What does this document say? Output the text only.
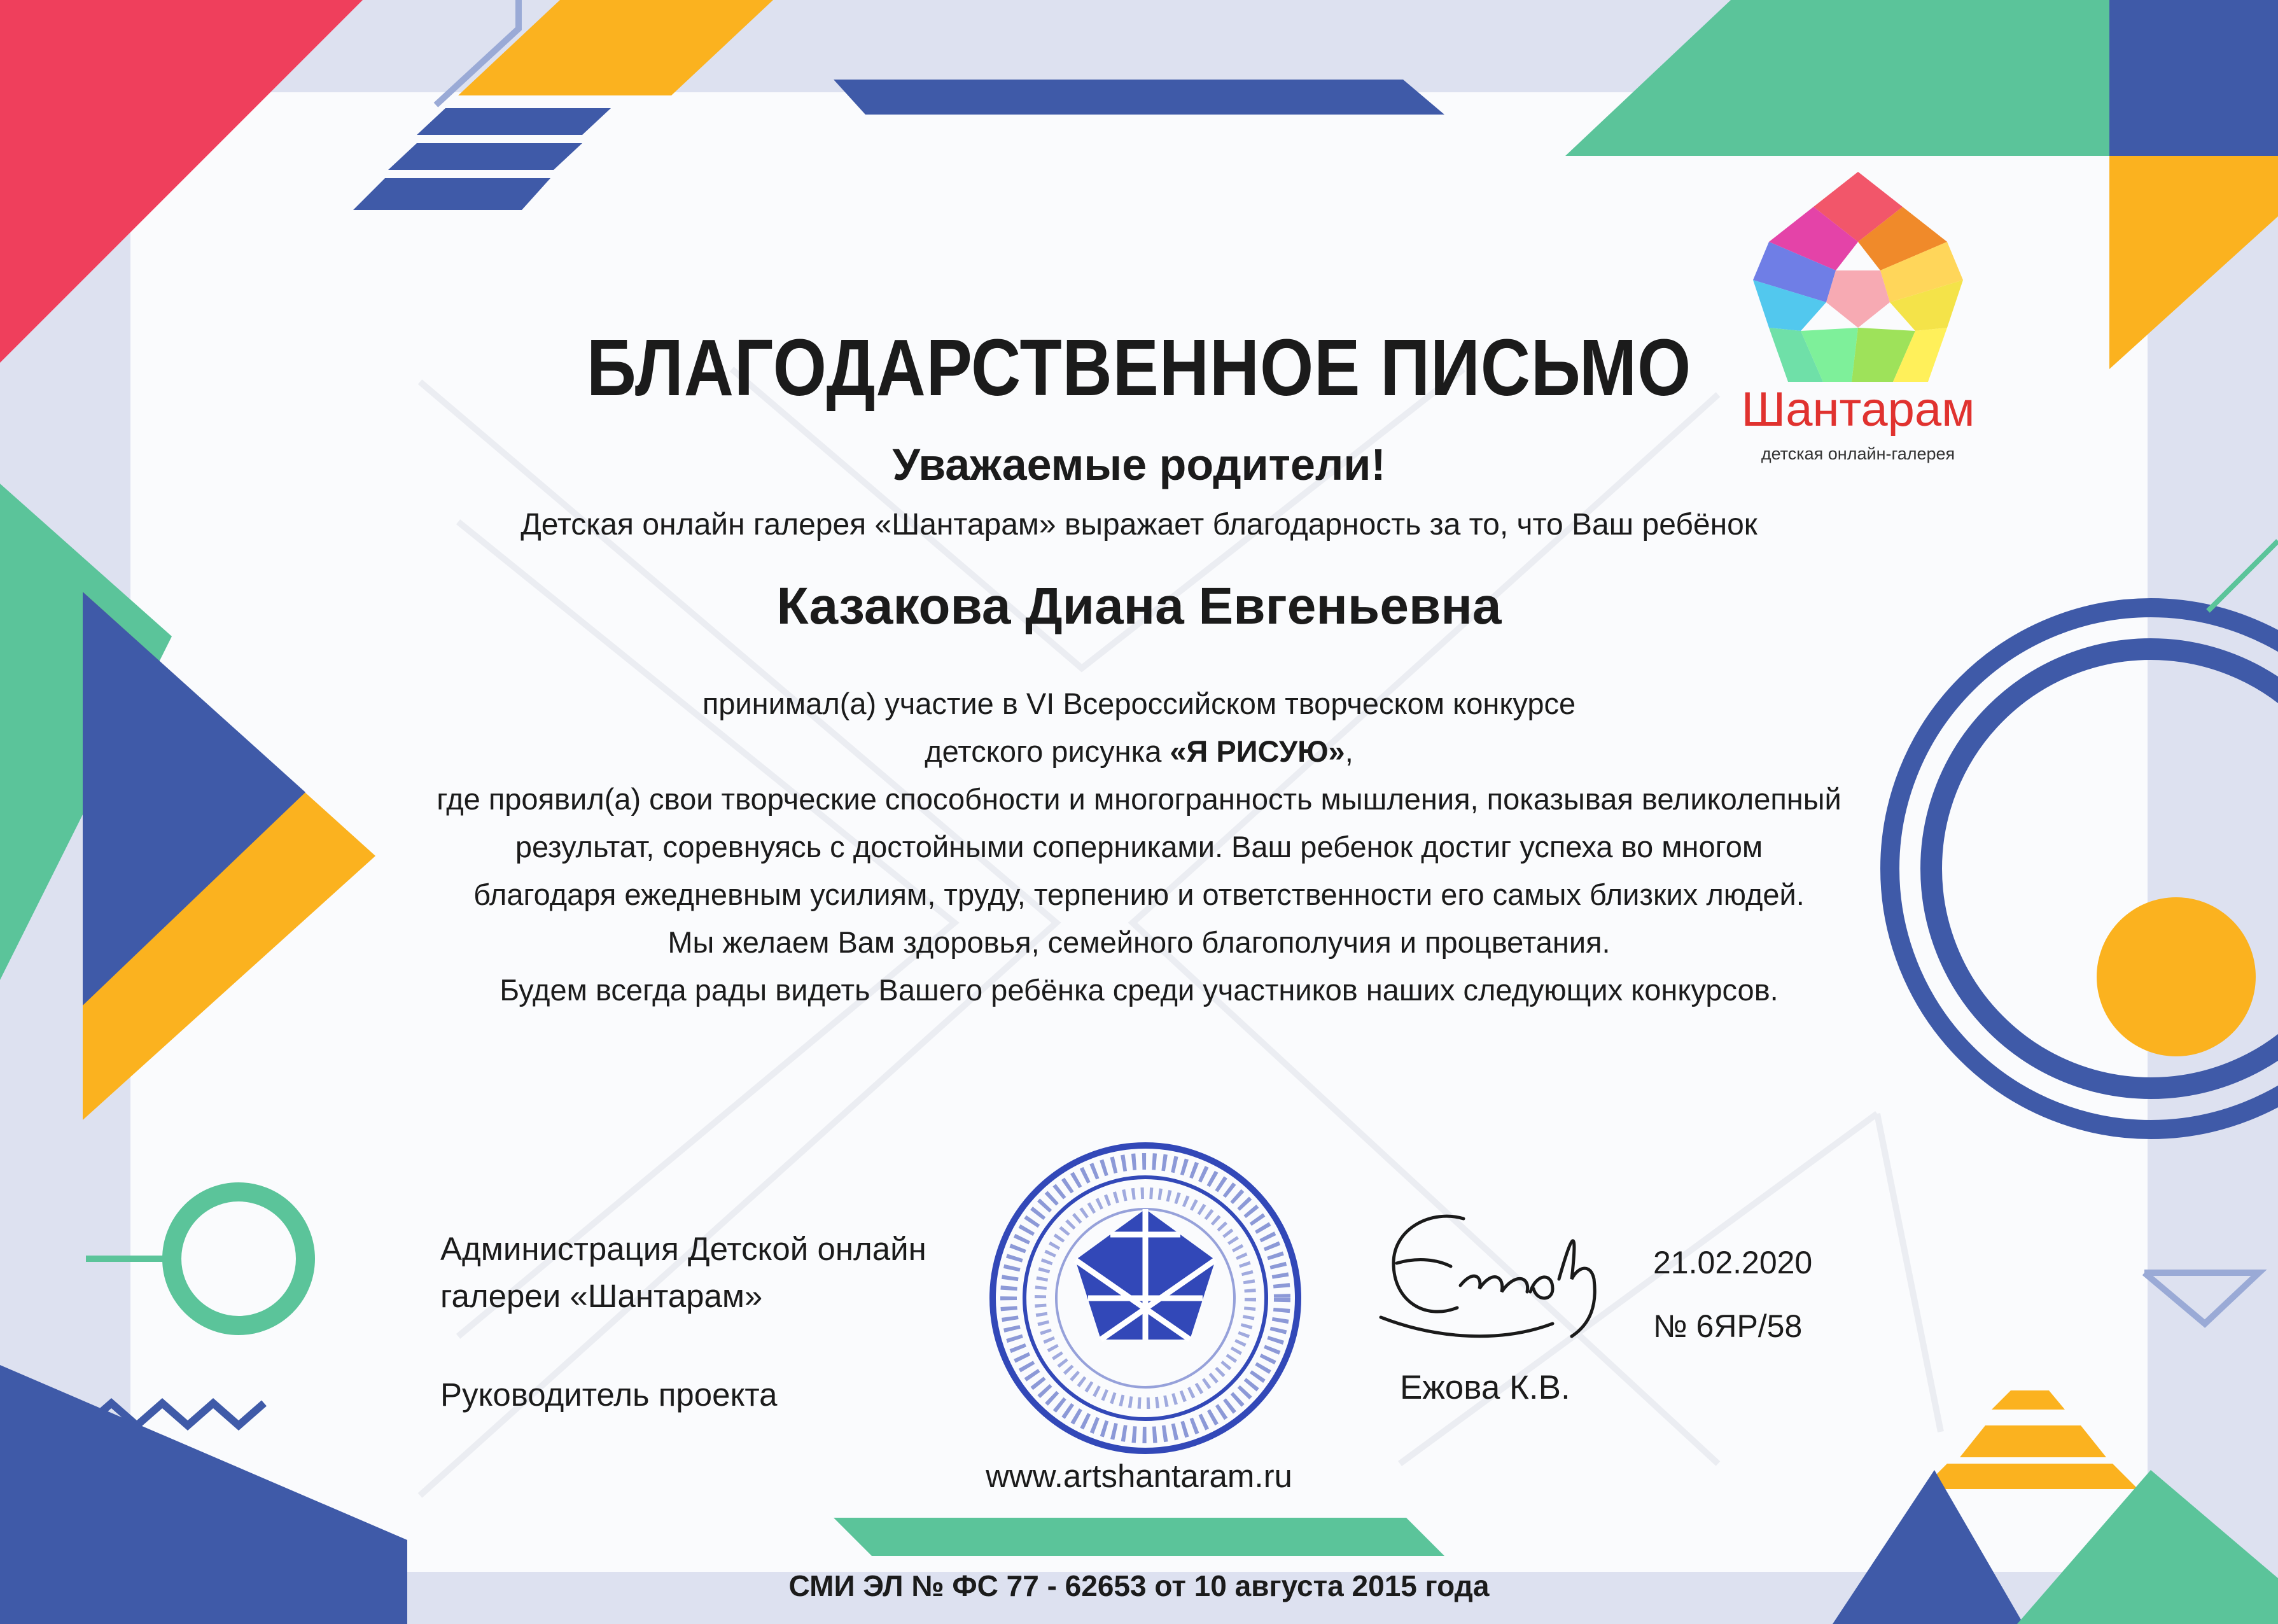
Шантарам
детская онлайн-галерея
БЛАГОДАРСТВЕННОЕ ПИСЬМО
Уважаемые родители!
Детская онлайн галерея «Шантарам» выражает благодарность за то, что Ваш ребёнок
Казакова Диана Евгеньевна

принимал(а) участие в VI Всероссийском творческом конкурсе

детского рисунка «Я РИСУЮ»,

где проявил(а) свои творческие способности и многогранность мышления, показывая великолепный

результат, соревнуясь с достойными соперниками. Ваш ребенок достиг успеха во многом

благодаря ежедневным усилиям, труду, терпению и ответственности его самых близких людей.

Мы желаем Вам здоровья, семейного благополучия и процветания.

Будем всегда рады видеть Вашего ребёнка среди участников наших следующих конкурсов.

Администрация Детской онлайн галереи «Шантарам»
Руководитель проекта	Ежова К.В.
21.02.2020
№ 6ЯР/58
www.artshantaram.ru
СМИ ЭЛ № ФС 77 - 62653 от 10 августа 2015 года
